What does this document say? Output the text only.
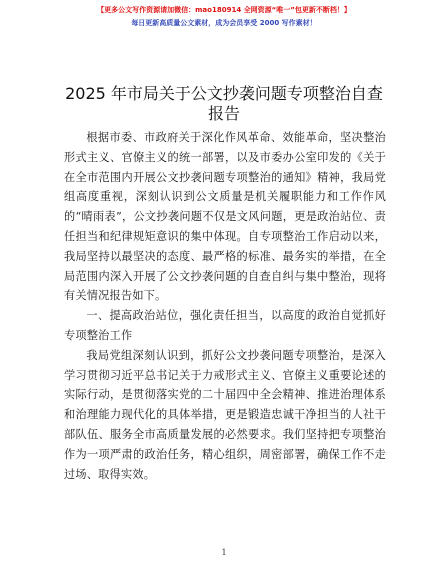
【更多公文写作资源请加微信：mao180914 全网资源“唯一”包更新不断档！】
每日更新高质量公文素材，成为会员享受 2000 写作素材！
2025 年市局关于公文抄袭问题专项整治自查报告

根据市委、市政府关于深化作风革命、效能革命，坚决整治形式主义、官僚主义的统一部署，以及市委办公室印发的《关于在全市范围内开展公文抄袭问题专项整治的通知》精神，我局党组高度重视，深刻认识到公文质量是机关履职能力和工作作风的“晴雨表”，公文抄袭问题不仅是文风问题，更是政治站位、责任担当和纪律规矩意识的集中体现。自专项整治工作启动以来，我局坚持以最坚决的态度、最严格的标准、最务实的举措，在全局范围内深入开展了公文抄袭问题的自查自纠与集中整治，现将有关情况报告如下。

一、提高政治站位，强化责任担当，以高度的政治自觉抓好专项整治工作

我局党组深刻认识到，抓好公文抄袭问题专项整治，是深入学习贯彻习近平总书记关于力戒形式主义、官僚主义重要论述的实际行动，是贯彻落实党的二十届四中全会精神、推进治理体系和治理能力现代化的具体举措，更是锻造忠诚干净担当的人社干部队伍、服务全市高质量发展的必然要求。我们坚持把专项整治作为一项严肃的政治任务，精心组织，周密部署，确保工作不走过场、取得实效。

1
